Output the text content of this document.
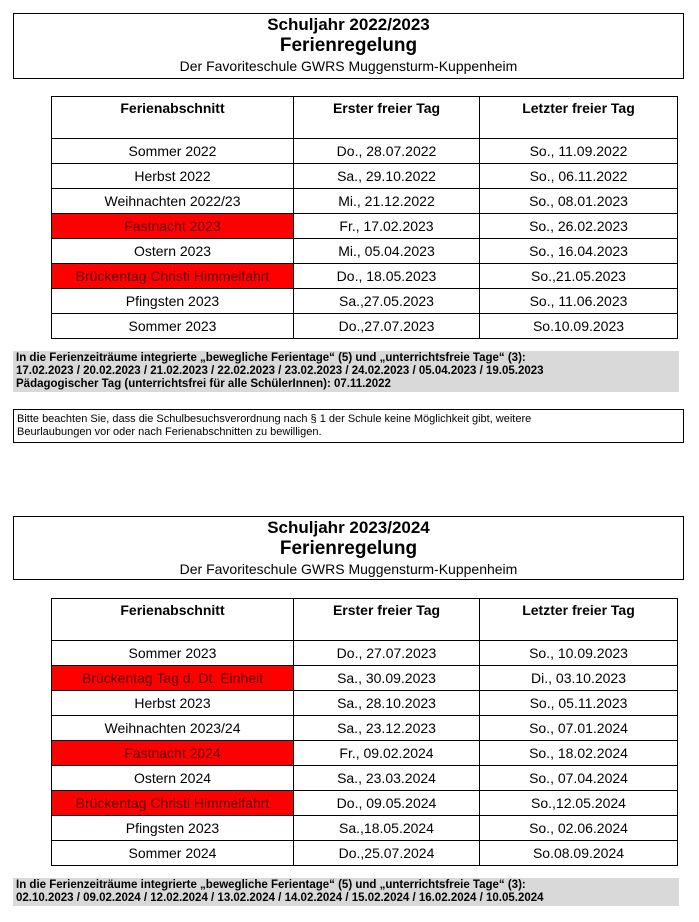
Schuljahr 2022/2023
Ferienregelung
Der Favoriteschule GWRS Muggensturm-Kuppenheim
Ferienabschnitt	Erster freier Tag	Letzter freier Tag
Sommer 2022	Do., 28.07.2022	So., 11.09.2022
Herbst 2022	Sa., 29.10.2022	So., 06.11.2022
Weihnachten 2022/23	Mi., 21.12.2022	So., 08.01.2023
Fastnacht 2023	Fr., 17.02.2023	So., 26.02.2023
Ostern 2023	Mi., 05.04.2023	So., 16.04.2023
Brückentag Christi Himmelfahrt	Do., 18.05.2023	So.,21.05.2023
Pfingsten 2023	Sa.,27.05.2023	So., 11.06.2023
Sommer 2023	Do.,27.07.2023	So.10.09.2023
In die Ferienzeiträume integrierte „bewegliche Ferientage“ (5) und „unterrichtsfreie Tage“ (3):
17.02.2023 / 20.02.2023 / 21.02.2023 / 22.02.2023 / 23.02.2023 / 24.02.2023 / 05.04.2023 / 19.05.2023
Pädagogischer Tag (unterrichtsfrei für alle SchülerInnen): 07.11.2022
Bitte beachten Sie, dass die Schulbesuchsverordnung nach § 1 der Schule keine Möglichkeit gibt, weitere
Beurlaubungen vor oder nach Ferienabschnitten zu bewilligen.
Schuljahr 2023/2024
Ferienregelung
Der Favoriteschule GWRS Muggensturm-Kuppenheim
Ferienabschnitt	Erster freier Tag	Letzter freier Tag
Sommer 2023	Do., 27.07.2023	So., 10.09.2023
Brückentag Tag d. Dt. Einheit	Sa., 30.09.2023	Di., 03.10.2023
Herbst 2023	Sa., 28.10.2023	So., 05.11.2023
Weihnachten 2023/24	Sa., 23.12.2023	So., 07.01.2024
Fastnacht 2024	Fr., 09.02.2024	So., 18.02.2024
Ostern 2024	Sa., 23.03.2024	So., 07.04.2024
Brückentag Christi Himmelfahrt	Do., 09.05.2024	So.,12.05.2024
Pfingsten 2023	Sa.,18.05.2024	So., 02.06.2024
Sommer 2024	Do.,25.07.2024	So.08.09.2024
In die Ferienzeiträume integrierte „bewegliche Ferientage“ (5) und „unterrichtsfreie Tage“ (3):
02.10.2023 / 09.02.2024 / 12.02.2024 / 13.02.2024 / 14.02.2024 / 15.02.2024 / 16.02.2024 / 10.05.2024
